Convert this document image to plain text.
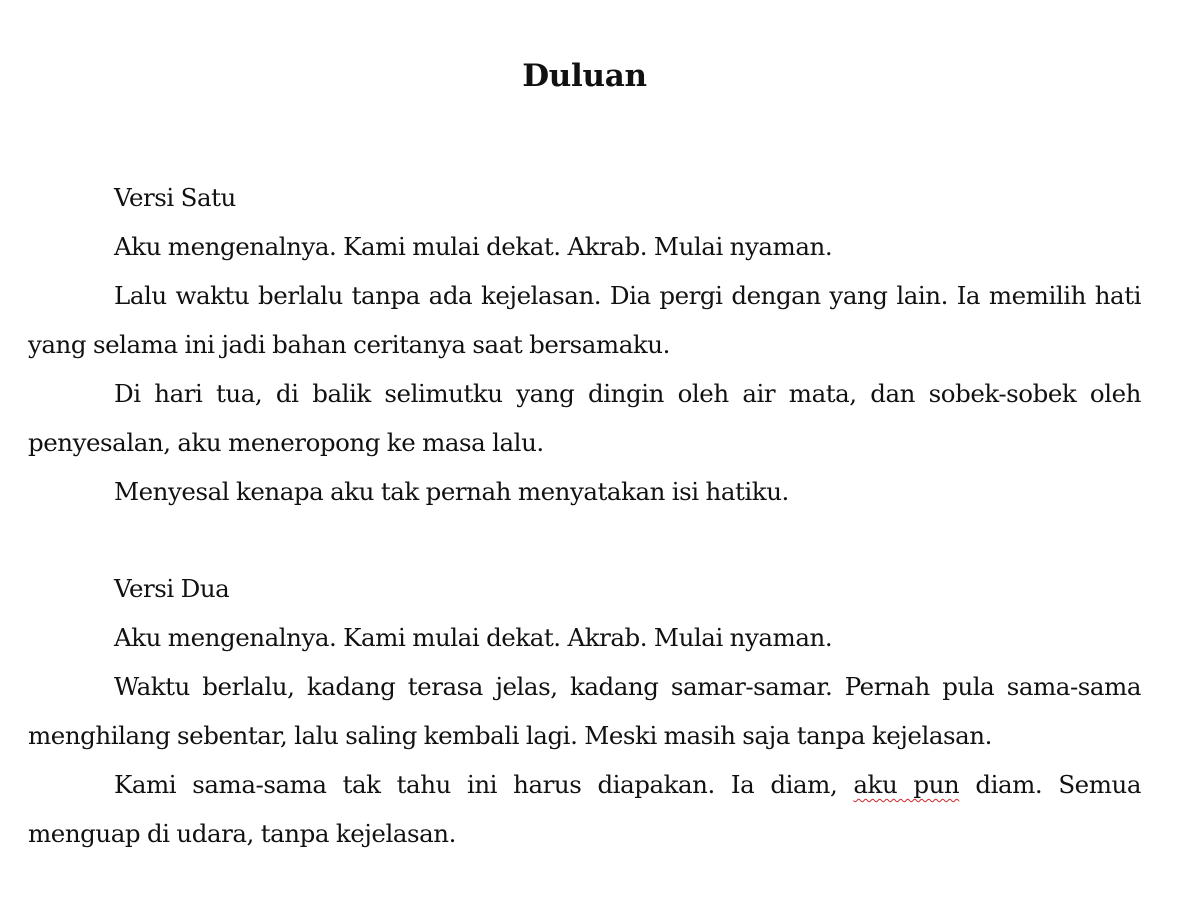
Duluan

Versi Satu

Aku mengenalnya. Kami mulai dekat. Akrab. Mulai nyaman.

Lalu waktu berlalu tanpa ada kejelasan. Dia pergi dengan yang lain. Ia memilih hati yang selama ini jadi bahan ceritanya saat bersamaku.

Di hari tua, di balik selimutku yang dingin oleh air mata, dan sobek-sobek oleh penyesalan, aku meneropong ke masa lalu.

Menyesal kenapa aku tak pernah menyatakan isi hatiku.

Versi Dua

Aku mengenalnya. Kami mulai dekat. Akrab. Mulai nyaman.

Waktu berlalu, kadang terasa jelas, kadang samar-samar. Pernah pula sama-sama menghilang sebentar, lalu saling kembali lagi. Meski masih saja tanpa kejelasan.

Kami sama-sama tak tahu ini harus diapakan. Ia diam, aku pun diam. Semua menguap di udara, tanpa kejelasan.
